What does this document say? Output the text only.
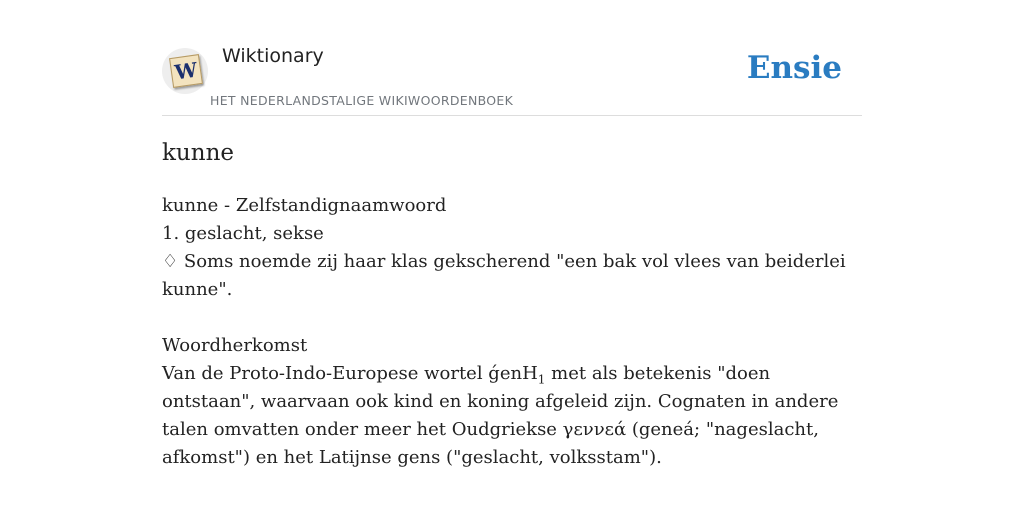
W
Wiktionary
HET NEDERLANDSTALIGE WIKIWOORDENBOEK
Ensie
kunne

kunne - Zelfstandignaamwoord

1. geslacht, sekse

♢ Soms noemde zij haar klas gekscherend "een bak vol vlees van beiderlei kunne".

Woordherkomst

Van de Proto-Indo-Europese wortel ǵenH$_1$ met als betekenis "doen ontstaan", waarvaan ook kind en koning afgeleid zijn. Cognaten in andere talen omvatten onder meer het Oudgriekse γεννεά (geneá; "nageslacht, afkomst") en het Latijnse gens ("geslacht, volksstam").
